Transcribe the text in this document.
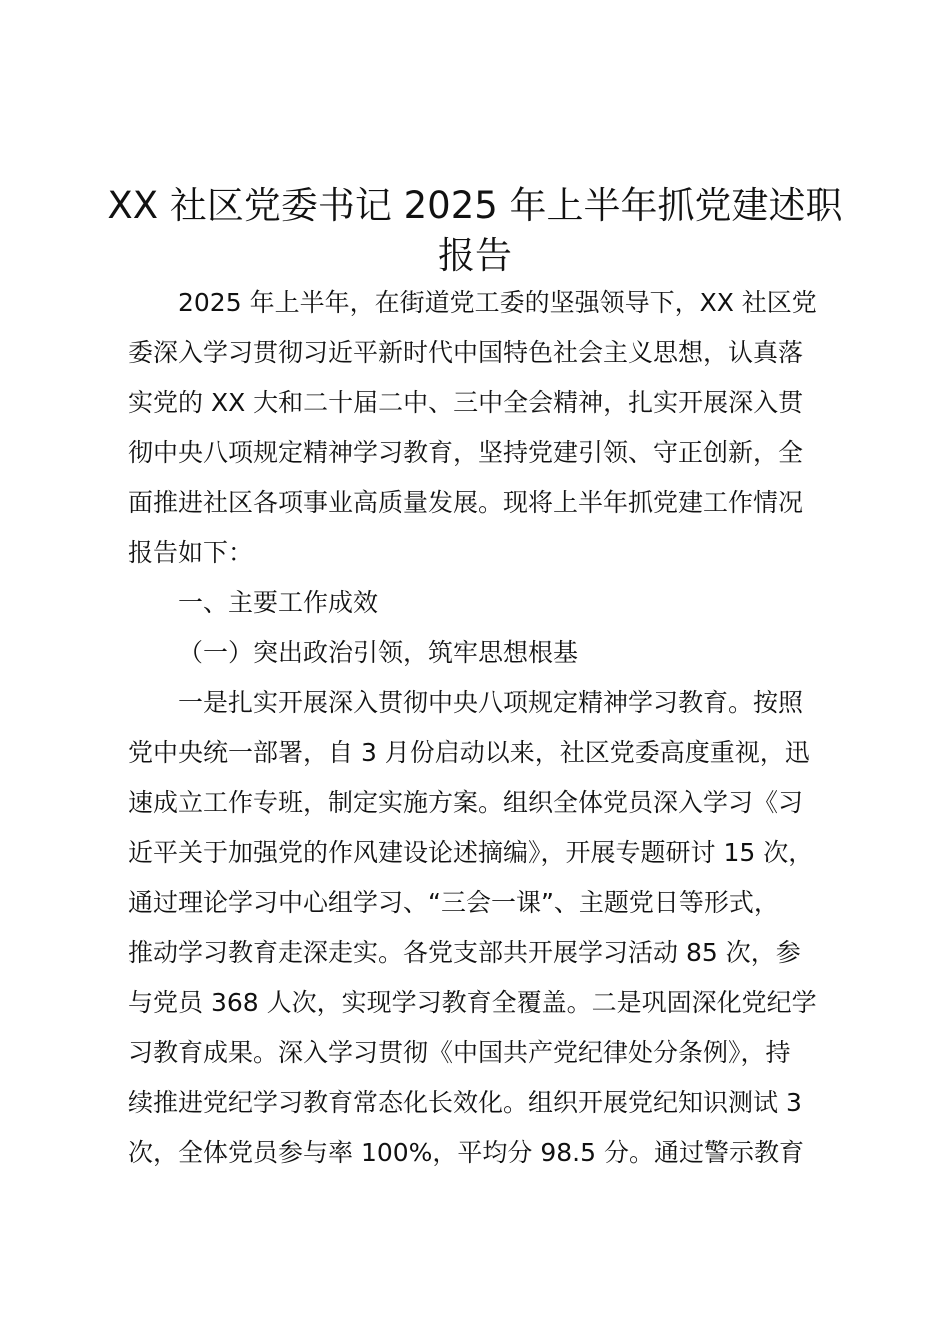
XX 社区党委书记 2025 年上半年抓党建述职
报告

2025 年上半年，在街道党工委的坚强领导下，XX 社区党

委深入学习贯彻习近平新时代中国特色社会主义思想，认真落

实党的 XX 大和二十届二中、三中全会精神，扎实开展深入贯

彻中央八项规定精神学习教育，坚持党建引领、守正创新，全

面推进社区各项事业高质量发展。现将上半年抓党建工作情况

报告如下：

一、主要工作成效

（一）突出政治引领，筑牢思想根基

一是扎实开展深入贯彻中央八项规定精神学习教育。按照

党中央统一部署，自 3 月份启动以来，社区党委高度重视，迅

速成立工作专班，制定实施方案。组织全体党员深入学习《习

近平关于加强党的作风建设论述摘编》，开展专题研讨 15 次，

通过理论学习中心组学习、“三会一课”、主题党日等形式，

推动学习教育走深走实。各党支部共开展学习活动 85 次，参

与党员 368 人次，实现学习教育全覆盖。二是巩固深化党纪学

习教育成果。深入学习贯彻《中国共产党纪律处分条例》，持

续推进党纪学习教育常态化长效化。组织开展党纪知识测试 3

次，全体党员参与率 100%，平均分 98.5 分。通过警示教育
